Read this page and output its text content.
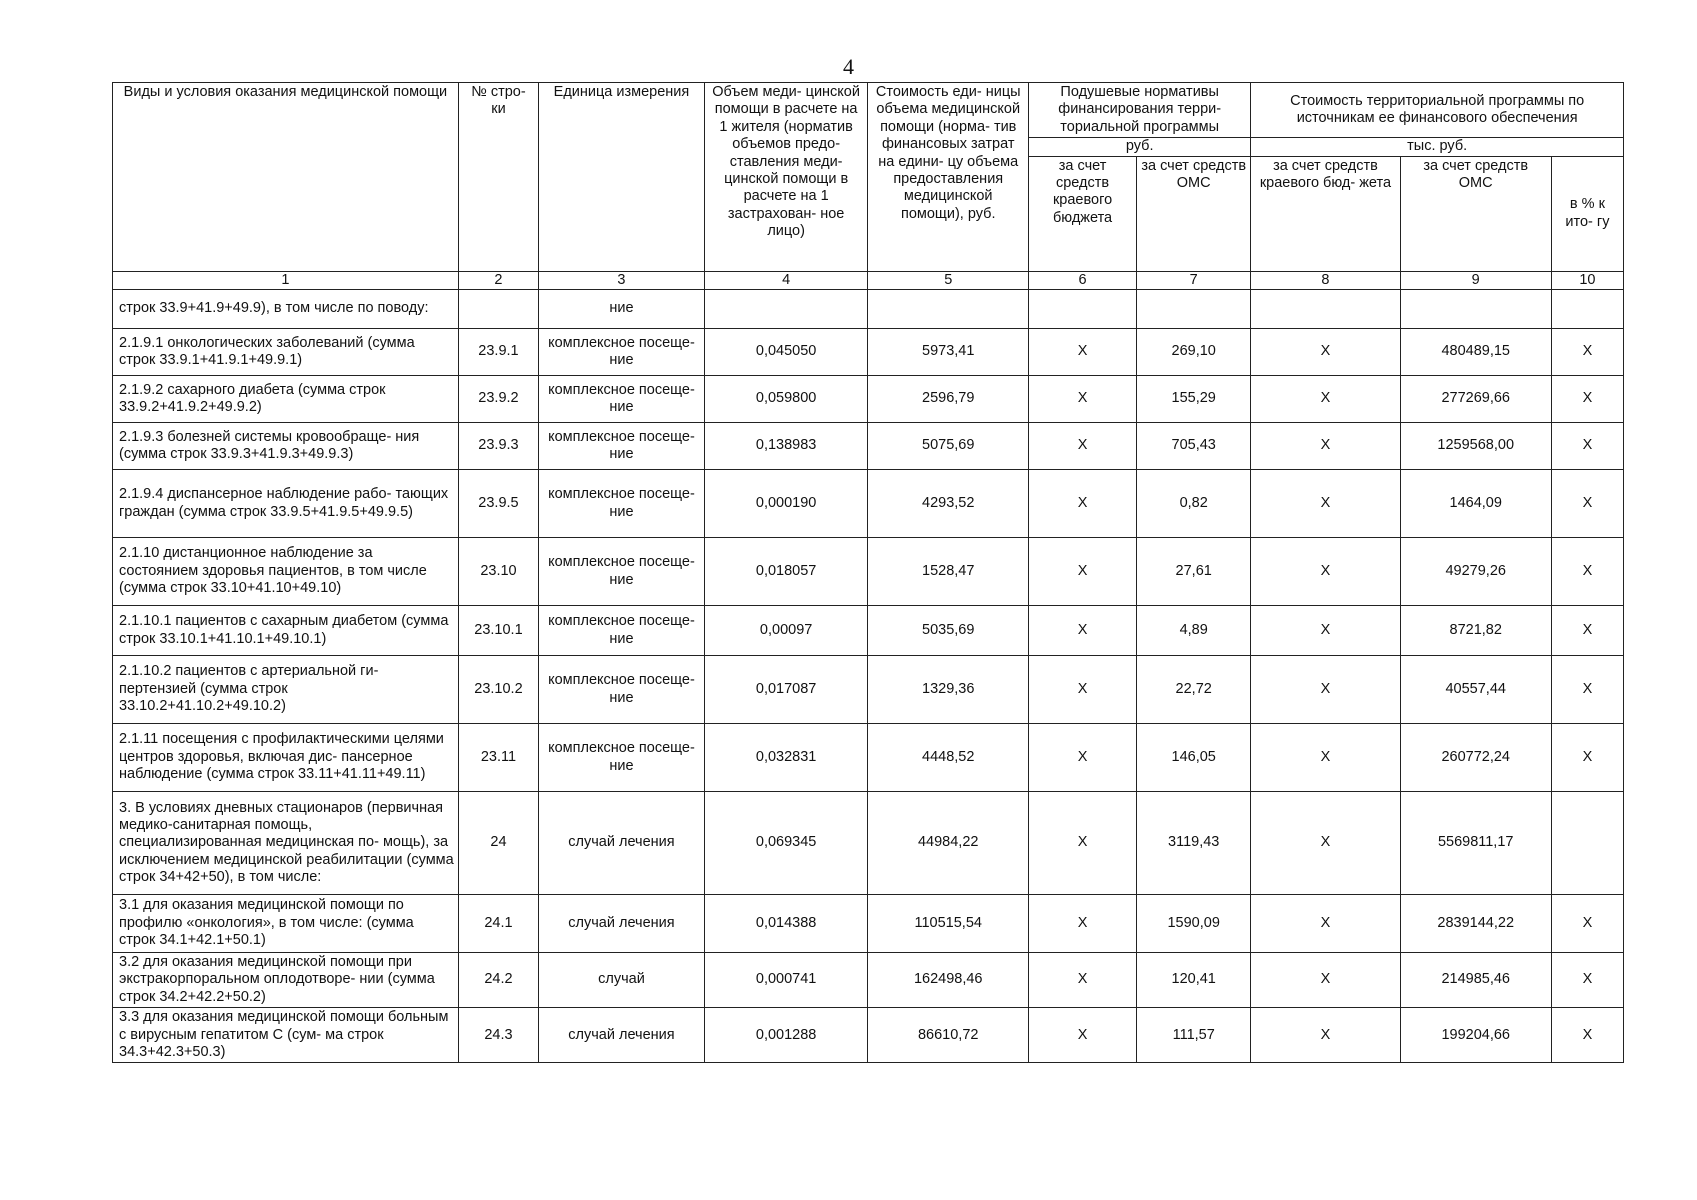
4
Виды и условия оказания медицинской помощи	№ стро- ки	Единица измерения	Объем меди- цинской помощи в расчете на 1 жителя (норматив объемов предо- ставления меди- цинской помощи в расчете на 1 застрахован- ное лицо)	Стоимость еди- ницы объема медицинской помощи (норма- тив финансовых затрат на едини- цу объема предоставления медицинской помощи), руб.	Подушевые нормативы финансирования терри- ториальной программы		Стоимость территориальной программы по источникам ее финансового обеспечения		
					руб.		тыс. руб.		
					за счет средств краевого бюджета	за счет средств ОМС	за счет средств краевого бюд- жета	за счет средств ОМС	в % к ито- гу
1	2	3	4	5	6	7	8	9	10
строк 33.9+41.9+49.9), в том числе по поводу:		ние							
2.1.9.1 онкологических заболеваний (сумма строк 33.9.1+41.9.1+49.9.1)	23.9.1	комплексное посеще- ние	0,045050	5973,41	Х	269,10	Х	480489,15	Х
2.1.9.2 сахарного диабета (сумма строк 33.9.2+41.9.2+49.9.2)	23.9.2	комплексное посеще- ние	0,059800	2596,79	Х	155,29	Х	277269,66	Х
2.1.9.3 болезней системы кровообраще- ния (сумма строк 33.9.3+41.9.3+49.9.3)	23.9.3	комплексное посеще- ние	0,138983	5075,69	Х	705,43	Х	1259568,00	Х
2.1.9.4 диспансерное наблюдение рабо- тающих граждан (сумма строк 33.9.5+41.9.5+49.9.5)	23.9.5	комплексное посеще- ние	0,000190	4293,52	Х	0,82	Х	1464,09	Х
2.1.10 дистанционное наблюдение за состоянием здоровья пациентов, в том числе (сумма строк 33.10+41.10+49.10)	23.10	комплексное посеще- ние	0,018057	1528,47	Х	27,61	Х	49279,26	Х
2.1.10.1 пациентов с сахарным диабетом (сумма строк 33.10.1+41.10.1+49.10.1)	23.10.1	комплексное посеще- ние	0,00097	5035,69	Х	4,89	Х	8721,82	Х
2.1.10.2 пациентов с артериальной ги- пертензией (сумма строк 33.10.2+41.10.2+49.10.2)	23.10.2	комплексное посеще- ние	0,017087	1329,36	Х	22,72	Х	40557,44	Х
2.1.11 посещения с профилактическими целями центров здоровья, включая дис- пансерное наблюдение (сумма строк 33.11+41.11+49.11)	23.11	комплексное посеще- ние	0,032831	4448,52	Х	146,05	Х	260772,24	Х
3. В условиях дневных стационаров (первичная медико-санитарная помощь, специализированная медицинская по- мощь), за исключением медицинской реабилитации (сумма строк 34+42+50), в том числе:	24	случай лечения	0,069345	44984,22	Х	3119,43	Х	5569811,17	
3.1 для оказания медицинской помощи по профилю «онкология», в том числе: (сумма строк 34.1+42.1+50.1)	24.1	случай лечения	0,014388	110515,54	Х	1590,09	Х	2839144,22	Х
3.2 для оказания медицинской помощи при экстракорпоральном оплодотворе- нии (сумма строк 34.2+42.2+50.2)	24.2	случай	0,000741	162498,46	Х	120,41	Х	214985,46	Х
3.3 для оказания медицинской помощи больным с вирусным гепатитом С (сум- ма строк 34.3+42.3+50.3)	24.3	случай лечения	0,001288	86610,72	Х	111,57	Х	199204,66	Х
